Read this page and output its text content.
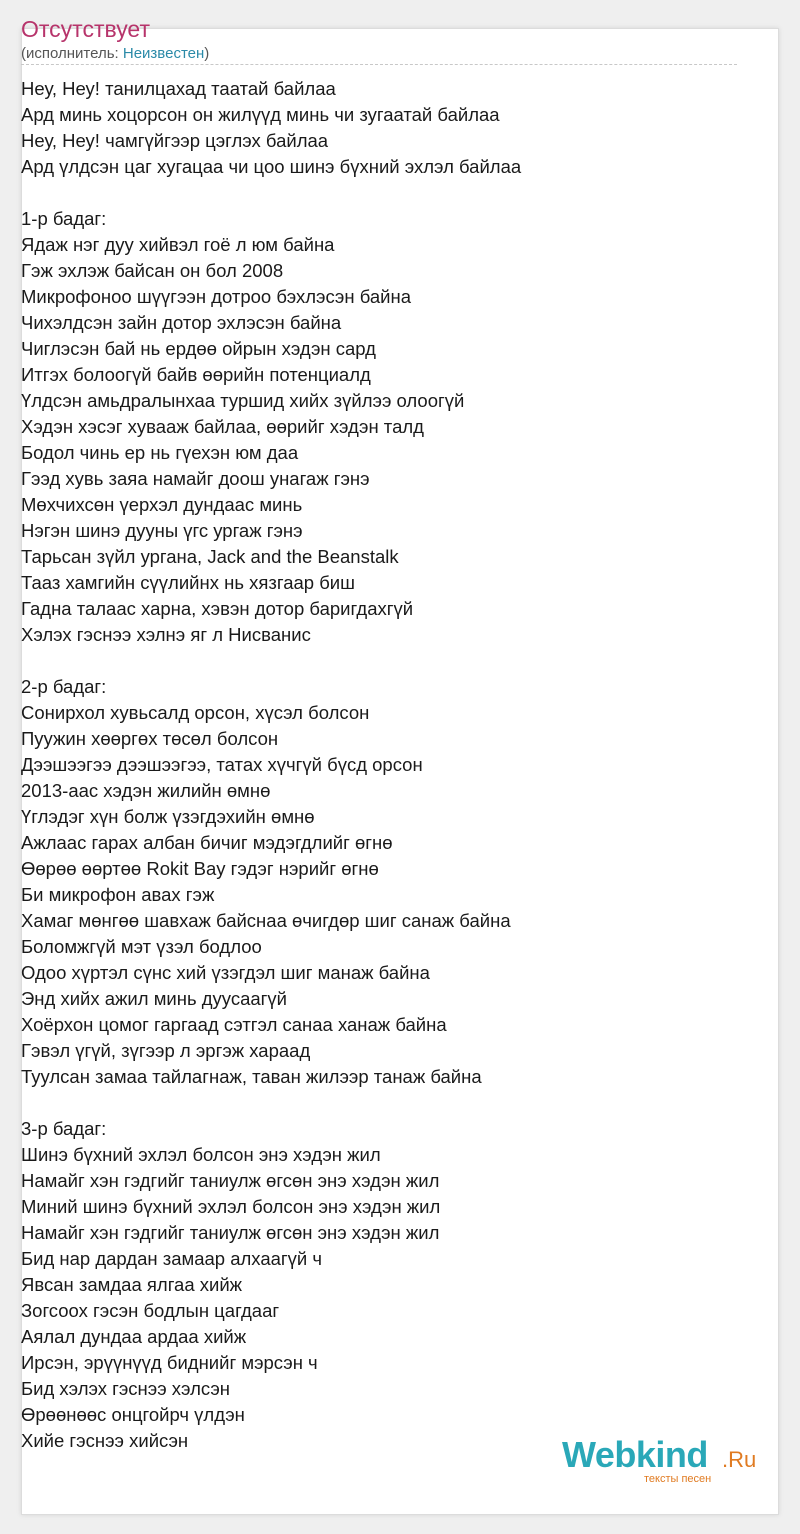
Отсутствует
(исполнитель: Неизвестен)
Неу, Неу! танилцахад таатай байлаа
Ард минь хоцорсон он жилүүд минь чи зугаатай байлаа
Неу, Неу! чамгүйгээр цэглэх байлаа
Ард үлдсэн цаг хугацаа чи цоо шинэ бүхний эхлэл байлаа
1-р бадаг:
Ядаж нэг дуу хийвэл гоё л юм байна
Гэж эхлэж байсан он бол 2008
Микрофоноо шүүгээн дотроо бэхлэсэн байна
Чихэлдсэн зайн дотор эхлэсэн байна
Чиглэсэн бай нь ердөө ойрын хэдэн сард
Итгэх болоогүй байв өөрийн потенциалд
Үлдсэн амьдралынхаа туршид хийх зүйлээ олоогүй
Хэдэн хэсэг хуваaж байлаа, өөрийг хэдэн талд
Бодол чинь ер нь гүехэн юм даа
Гээд хувь заяа намайг доош унагаж гэнэ
Мөхчихсөн үерхэл дундаас минь
Нэгэн шинэ дууны үгс ургаж гэнэ
Тарьсан зүйл ургана, Jack and the Beanstalk
Тааз хамгийн сүүлийнх нь хязгаар биш
Гадна талаас харна, хэвэн дотор баригдахгүй
Хэлэх гэснээ хэлнэ яг л Нисванис
2-р бадаг:
Сонирхол хувьсалд орсон, хүсэл болсон
Пуужин хөөргөх төсөл болсон
Дээшээгээ дээшээгээ, татах хүчгүй бүсд орсон
2013-аас хэдэн жилийн өмнө
Үглэдэг хүн болж үзэгдэхийн өмнө
Ажлаас гарах албан бичиг мэдэгдлийг өгнө
Өөрөө өөртөө Rokit Bay гэдэг нэрийг өгнө
Би микрофон авах гэж
Хамаг мөнгөө шавхаж байснаа өчигдөр шиг санаж байна
Боломжгүй мэт үзэл бодлоо
Одоо хүртэл сүнс хий үзэгдэл шиг манаж байна
Энд хийх ажил минь дуусаагүй
Хоёрхон цомог гаргаад сэтгэл санаа ханаж байна
Гэвэл үгүй, зүгээр л эргэж хараад
Туулсан замаа тайлагнаж, таван жилээр танаж байна
3-р бадаг:
Шинэ бүхний эхлэл болсон энэ хэдэн жил
Намайг хэн гэдгийг таниулж өгсөн энэ хэдэн жил
Миний шинэ бүхний эхлэл болсон энэ хэдэн жил
Намайг хэн гэдгийг таниулж өгсөн энэ хэдэн жил
Бид нар дардан замаар алхаагүй ч
Явсан замдаа ялгаа хийж
Зогсоох гэсэн бодлын цагдааг
Аялал дундаа ардаа хийж
Ирсэн, эрүүнүүд биднийг мэрсэн ч
Бид хэлэх гэснээ хэлсэн
Өрөөнөөс онцгойрч үлдэн
Хийе гэснээ хийсэн	Webkind .Ru
тексты песен
